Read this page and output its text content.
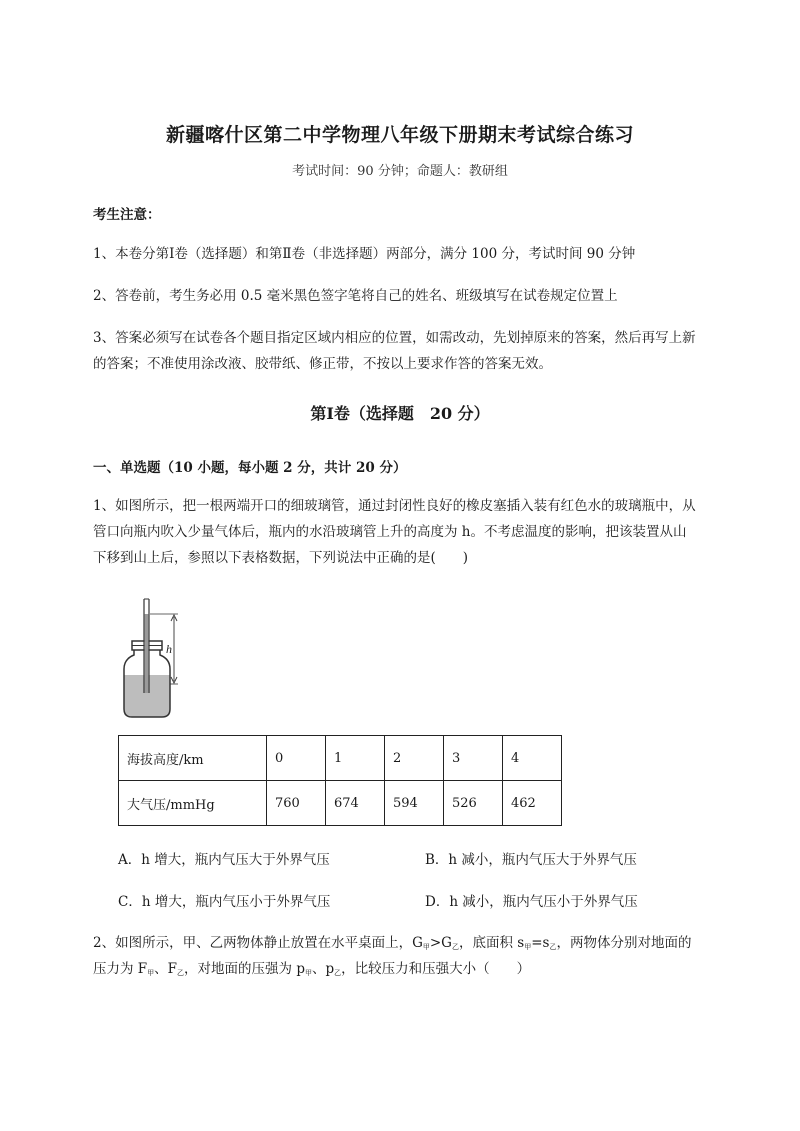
新疆喀什区第二中学物理八年级下册期末考试综合练习
考试时间：90 分钟；命题人：教研组
考生注意：
1、本卷分第Ⅰ卷（选择题）和第Ⅱ卷（非选择题）两部分，满分 100 分，考试时间 90 分钟
2、答卷前，考生务必用 0.5 毫米黑色签字笔将自己的姓名、班级填写在试卷规定位置上
3、答案必须写在试卷各个题目指定区域内相应的位置，如需改动，先划掉原来的答案，然后再写上新
的答案；不准使用涂改液、胶带纸、修正带，不按以上要求作答的答案无效。
第Ⅰ卷（选择题　20 分）
一、单选题（10 小题，每小题 2 分，共计 20 分）
1、如图所示，把一根两端开口的细玻璃管，通过封闭性良好的橡皮塞插入装有红色水的玻璃瓶中，从
管口向瓶内吹入少量气体后，瓶内的水沿玻璃管上升的高度为 h。不考虑温度的影响，把该装置从山
下移到山上后，参照以下表格数据，下列说法中正确的是(　　)
h
海拔高度/km	0	1	2	3	4
大气压/mmHg	760	674	594	526	462
A．h 增大，瓶内气压大于外界气压	B．h 减小，瓶内气压大于外界气压
C．h 增大，瓶内气压小于外界气压	D．h 减小，瓶内气压小于外界气压
2、如图所示，甲、乙两物体静止放置在水平桌面上，$G_甲>G_乙$，底面积 $s_甲=s_乙$，两物体分别对地面的
压力为 $F_甲$、$F_乙$，对地面的压强为 $p_甲$、$p_乙$，比较压力和压强大小（　　）
